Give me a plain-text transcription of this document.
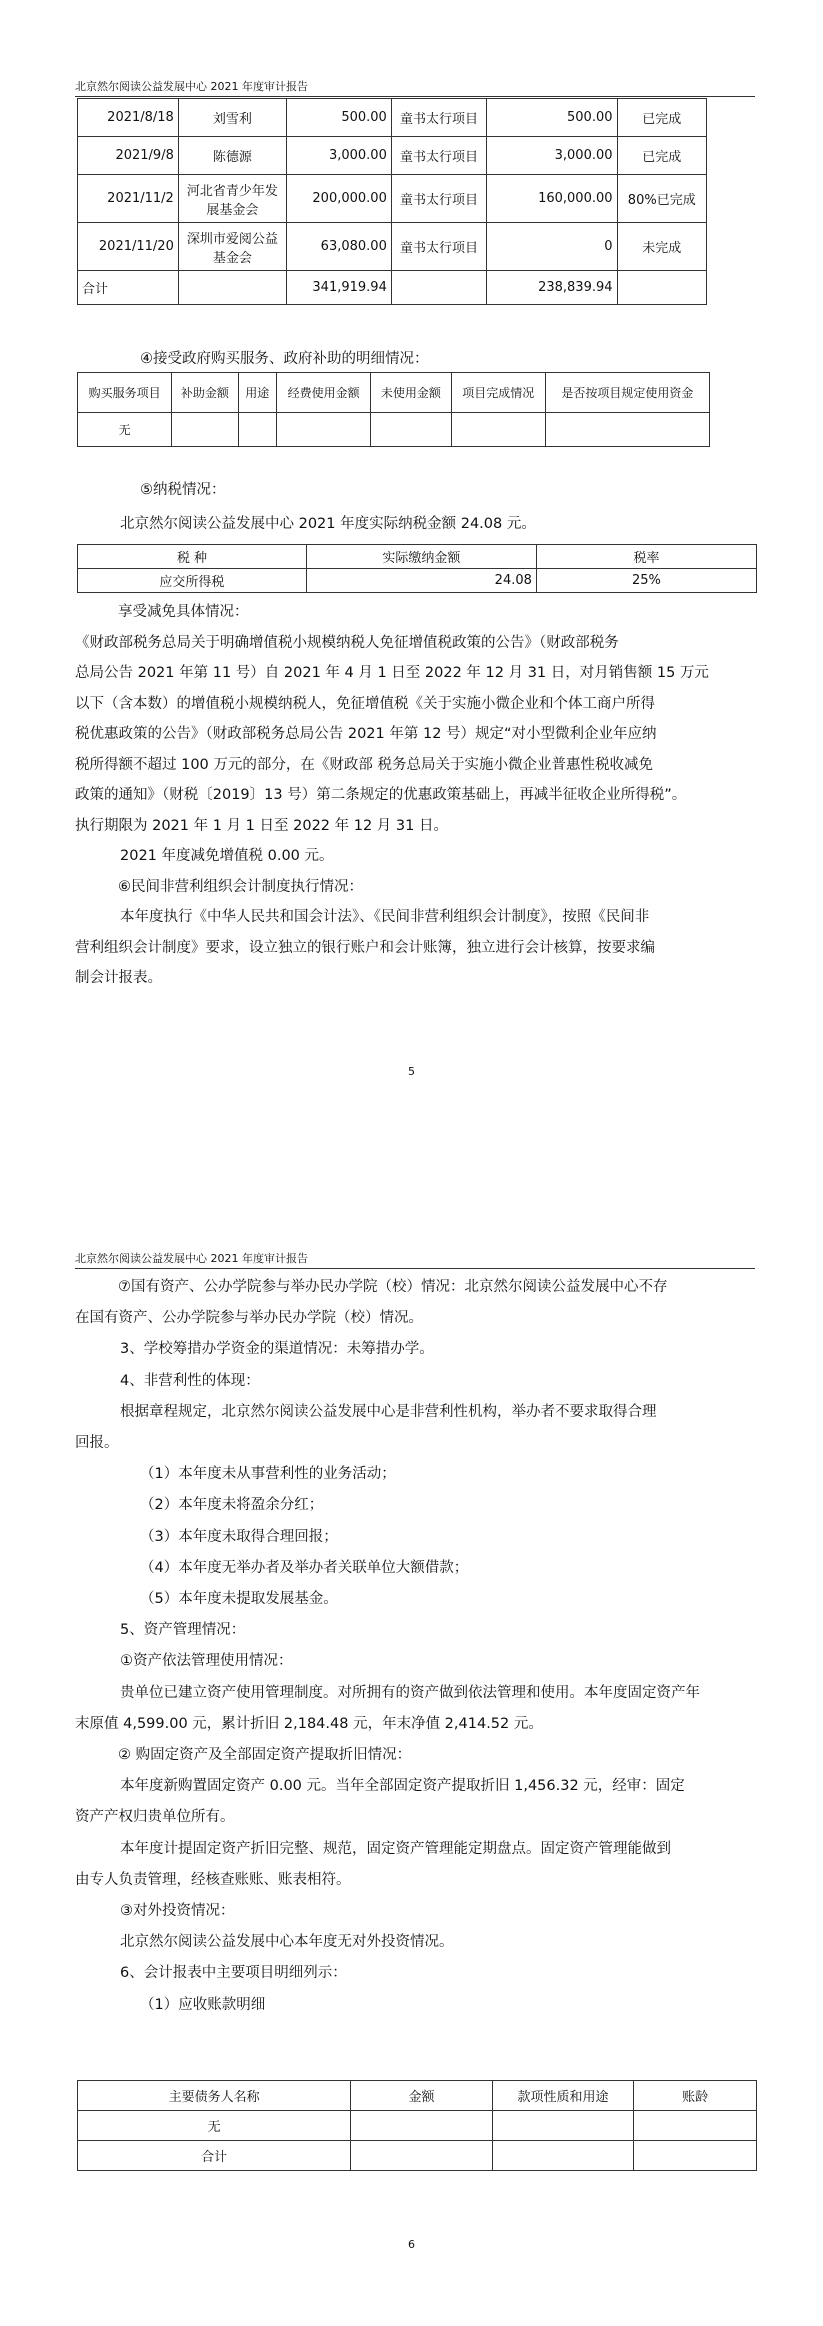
北京然尔阅读公益发展中心 2021 年度审计报告
2021/8/18	刘雪利	500.00	童书太行项目	500.00	已完成
2021/9/8	陈德源	3,000.00	童书太行项目	3,000.00	已完成
2021/11/2	河北省青少年发展基金会	200,000.00	童书太行项目	160,000.00	80%已完成
2021/11/20	深圳市爱阅公益基金会	63,080.00	童书太行项目	0	未完成
合计		341,919.94		238,839.94	
④接受政府购买服务、政府补助的明细情况：
购买服务项目	补助金额	用途	经费使用金额	未使用金额	项目完成情况	是否按项目规定使用资金
无						
⑤纳税情况：
北京然尔阅读公益发展中心 2021 年度实际纳税金额 24.08 元。
税 种	实际缴纳金额	税率
应交所得税	24.08	25%
享受减免具体情况：
《财政部税务总局关于明确增值税小规模纳税人免征增值税政策的公告》（财政部税务
总局公告 2021 年第 11 号）自 2021 年 4 月 1 日至 2022 年 12 月 31 日，对月销售额 15 万元
以下（含本数）的增值税小规模纳税人，免征增值税《关于实施小微企业和个体工商户所得
税优惠政策的公告》（财政部税务总局公告 2021 年第 12 号）规定“对小型微利企业年应纳
税所得额不超过 100 万元的部分，在《财政部 税务总局关于实施小微企业普惠性税收减免
政策的通知》（财税〔2019〕13 号）第二条规定的优惠政策基础上，再减半征收企业所得税”。
执行期限为 2021 年 1 月 1 日至 2022 年 12 月 31 日。
2021 年度减免增值税 0.00 元。
⑥民间非营利组织会计制度执行情况：
本年度执行《中华人民共和国会计法》、《民间非营利组织会计制度》，按照《民间非
营利组织会计制度》要求，设立独立的银行账户和会计账簿，独立进行会计核算，按要求编
制会计报表。
5
北京然尔阅读公益发展中心 2021 年度审计报告
⑦国有资产、公办学院参与举办民办学院（校）情况：北京然尔阅读公益发展中心不存
在国有资产、公办学院参与举办民办学院（校）情况。
3、学校筹措办学资金的渠道情况：未筹措办学。
4、非营利性的体现：
根据章程规定，北京然尔阅读公益发展中心是非营利性机构，举办者不要求取得合理
回报。
（1）本年度未从事营利性的业务活动；
（2）本年度未将盈余分红；
（3）本年度未取得合理回报；
（4）本年度无举办者及举办者关联单位大额借款；
（5）本年度未提取发展基金。
5、资产管理情况：
①资产依法管理使用情况：
贵单位已建立资产使用管理制度。对所拥有的资产做到依法管理和使用。本年度固定资产年
末原值 4,599.00 元，累计折旧 2,184.48 元，年末净值 2,414.52 元。
② 购固定资产及全部固定资产提取折旧情况：
本年度新购置固定资产 0.00 元。当年全部固定资产提取折旧 1,456.32 元，经审：固定
资产产权归贵单位所有。
本年度计提固定资产折旧完整、规范，固定资产管理能定期盘点。固定资产管理能做到
由专人负责管理，经核查账账、账表相符。
③对外投资情况：
北京然尔阅读公益发展中心本年度无对外投资情况。
6、会计报表中主要项目明细列示：
（1）应收账款明细
主要债务人名称	金额	款项性质和用途	账龄
无			
合计			
6
